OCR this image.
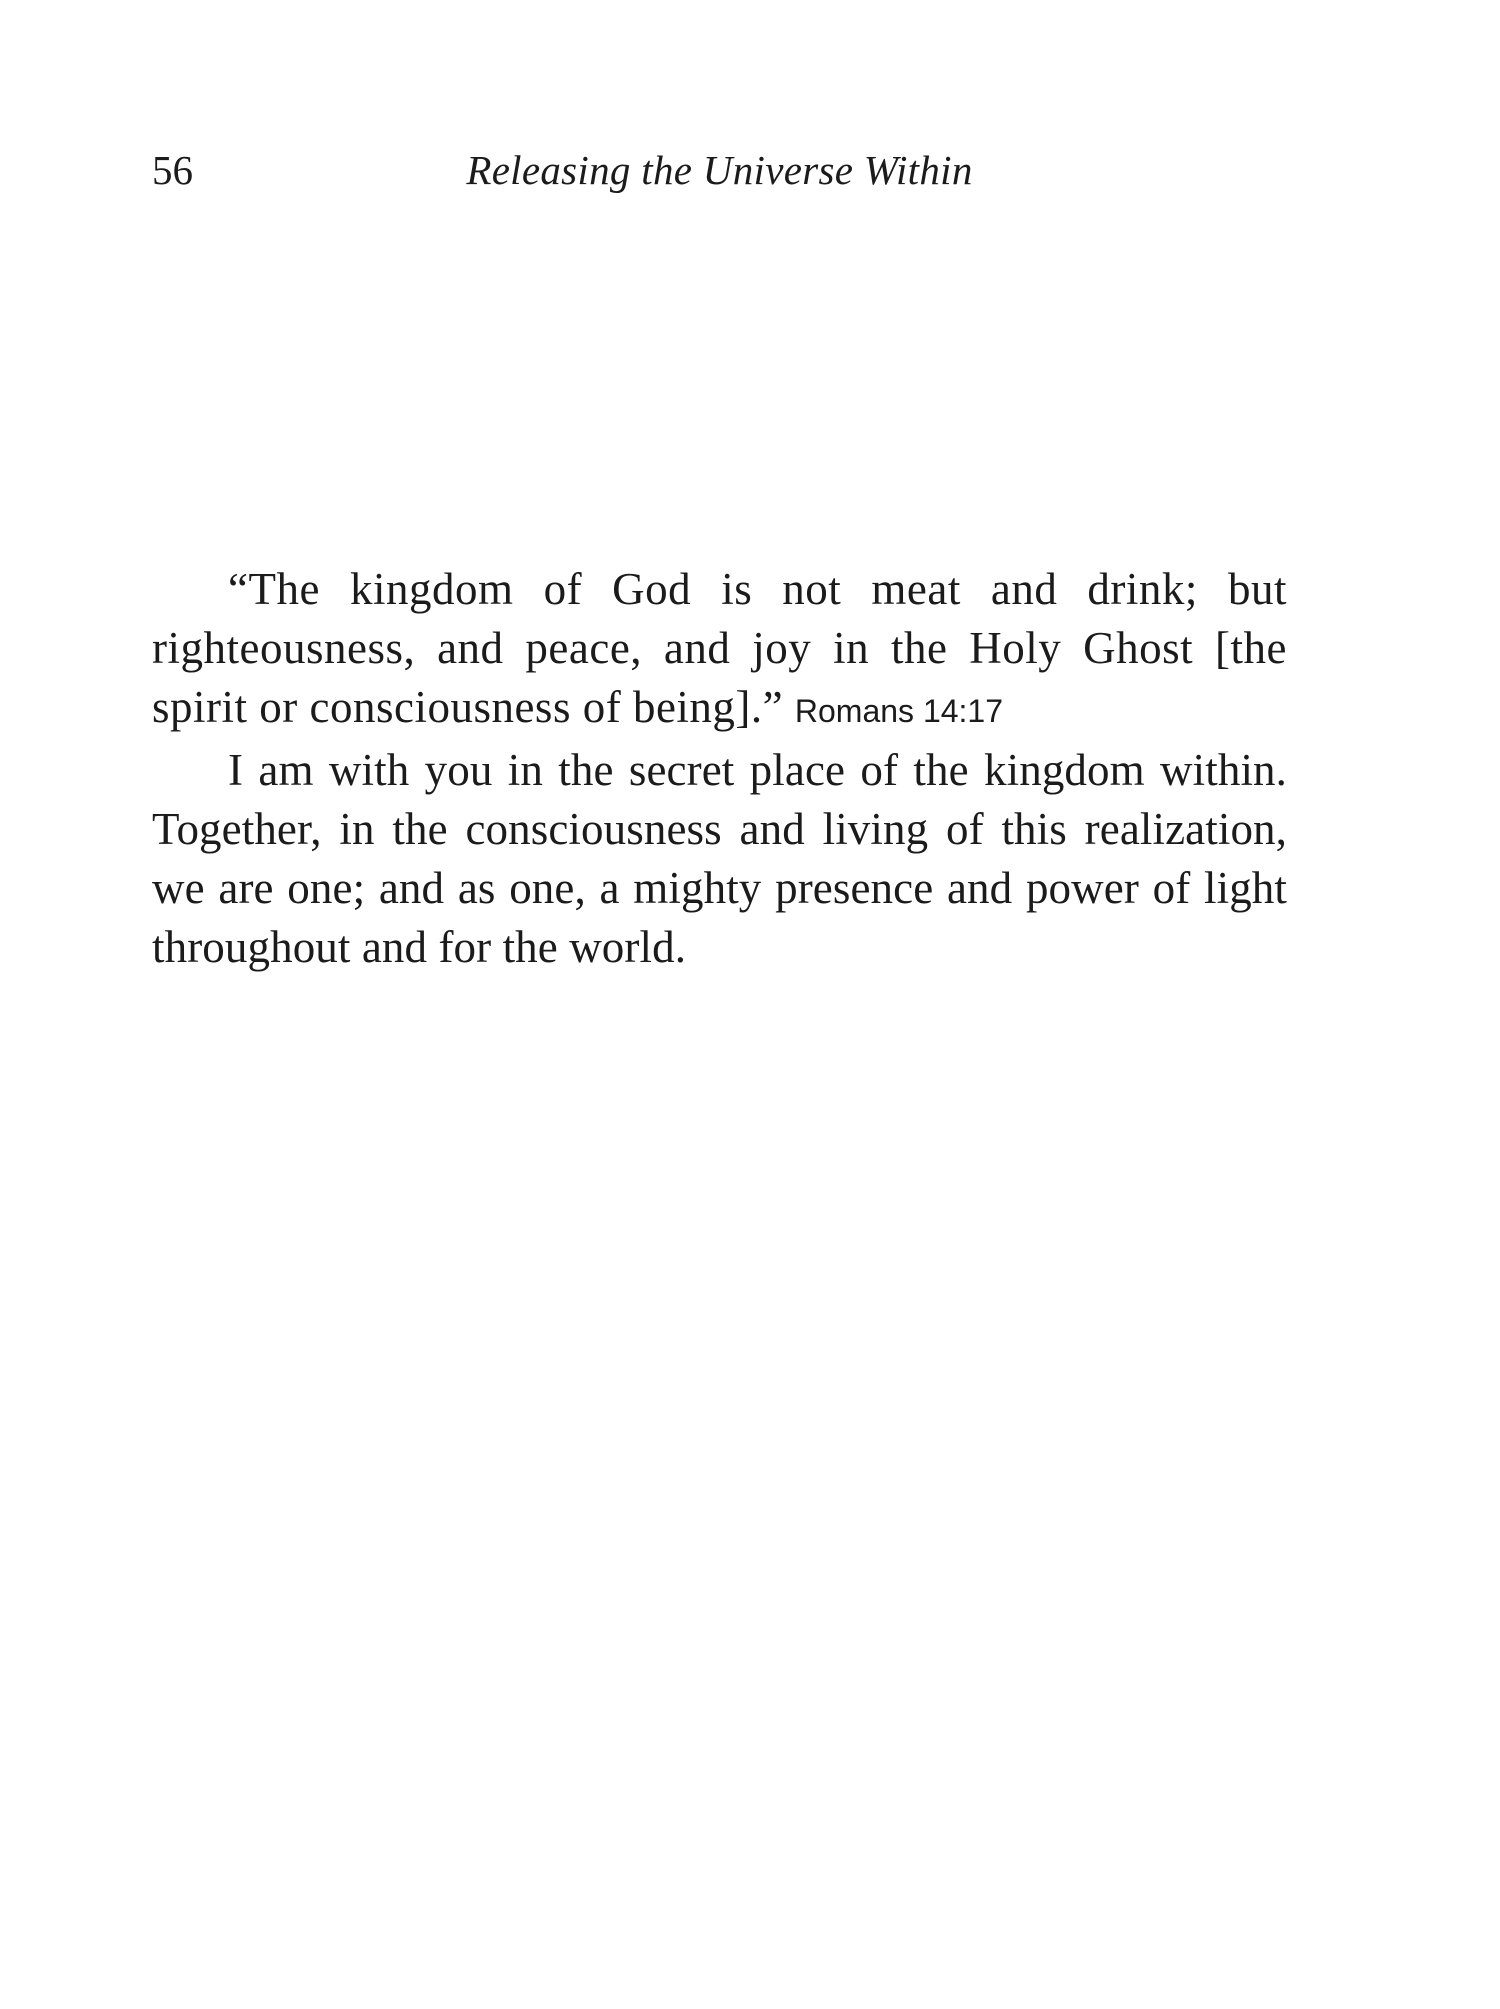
56	Releasing the Universe Within

“The kingdom of God is not meat and drink; but righteousness, and peace, and joy in the Holy Ghost [the spirit or consciousness of being].” Romans 14:17

I am with you in the secret place of the kingdom within. Together, in the consciousness and living of this realization, we are one; and as one, a mighty presence and power of light throughout and for the world.
